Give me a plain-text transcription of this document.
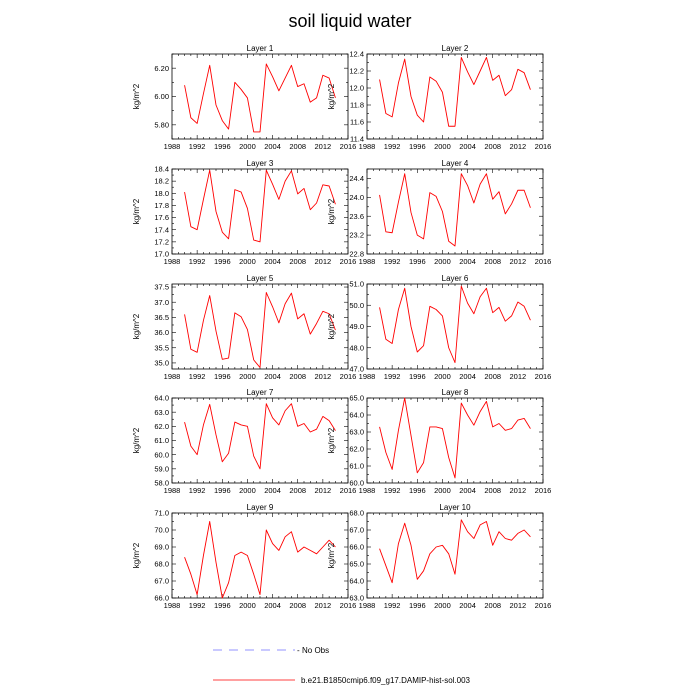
soil liquid water
Layer 1
kg/m^2
1988 1992 1996 2000 2004 2008 2012 2016
5.80
6.00
6.20
Layer 2
kg/m^2
1988 1992 1996 2000 2004 2008 2012 2016
11.4
11.6
11.8
12.0
12.2
12.4
Layer 3
kg/m^2
1988 1992 1996 2000 2004 2008 2012 2016
17.0
17.2
17.4
17.6
17.8
18.0
18.2
18.4
Layer 4
kg/m^2
1988 1992 1996 2000 2004 2008 2012 2016
22.8
23.2
23.6
24.0
24.4
Layer 5
kg/m^2
1988 1992 1996 2000 2004 2008 2012 2016
35.0
35.5
36.0
36.5
37.0
37.5
Layer 6
kg/m^2
1988 1992 1996 2000 2004 2008 2012 2016
47.0
48.0
49.0
50.0
51.0
Layer 7
kg/m^2
1988 1992 1996 2000 2004 2008 2012 2016
58.0
59.0
60.0
61.0
62.0
63.0
64.0
Layer 8
kg/m^2
1988 1992 1996 2000 2004 2008 2012 2016
60.0
61.0
62.0
63.0
64.0
65.0
Layer 9
kg/m^2
1988 1992 1996 2000 2004 2008 2012 2016
66.0
67.0
68.0
69.0
70.0
71.0
Layer 10
kg/m^2
1988 1992 1996 2000 2004 2008 2012 2016
63.0
64.0
65.0
66.0
67.0
68.0
- No Obs
b.e21.B1850cmip6.f09_g17.DAMIP-hist-sol.003
